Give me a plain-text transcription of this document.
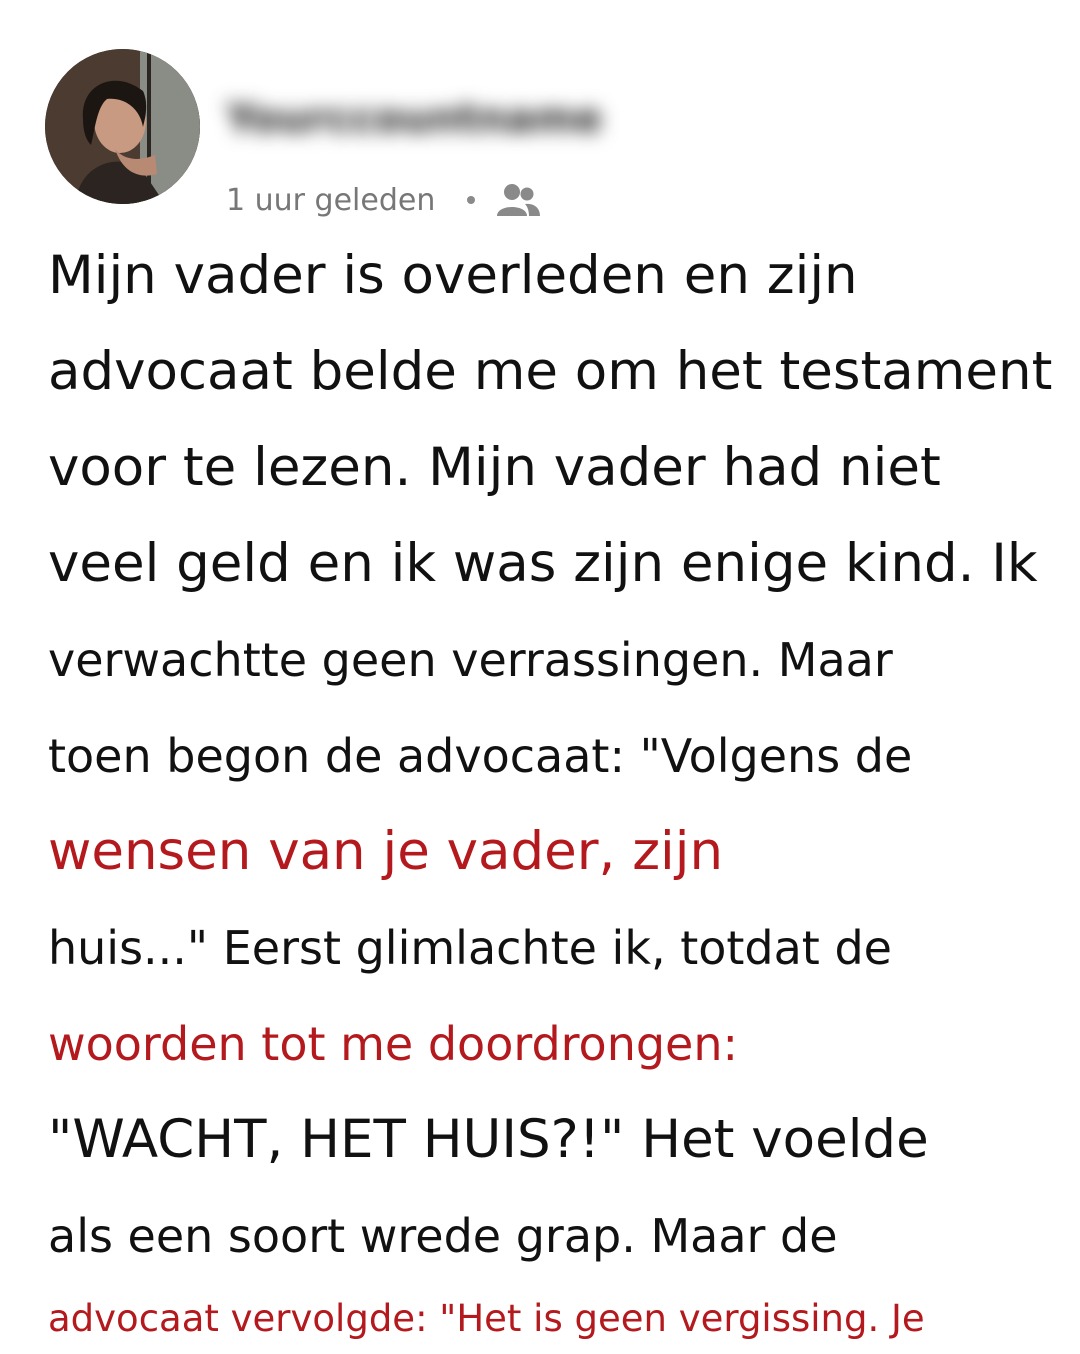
Yourccountname
1 uur geleden
Mijn vader is overleden en zijn
advocaat belde me om het testament
voor te lezen. Mijn vader had niet
veel geld en ik was zijn enige kind. Ik
verwachtte geen verrassingen. Maar
toen begon de advocaat: "Volgens de
wensen van je vader, zijn
huis..." Eerst glimlachte ik, totdat de
woorden tot me doordrongen:
"WACHT, HET HUIS?!" Het voelde
als een soort wrede grap. Maar de
advocaat vervolgde: "Het is geen vergissing. Je
